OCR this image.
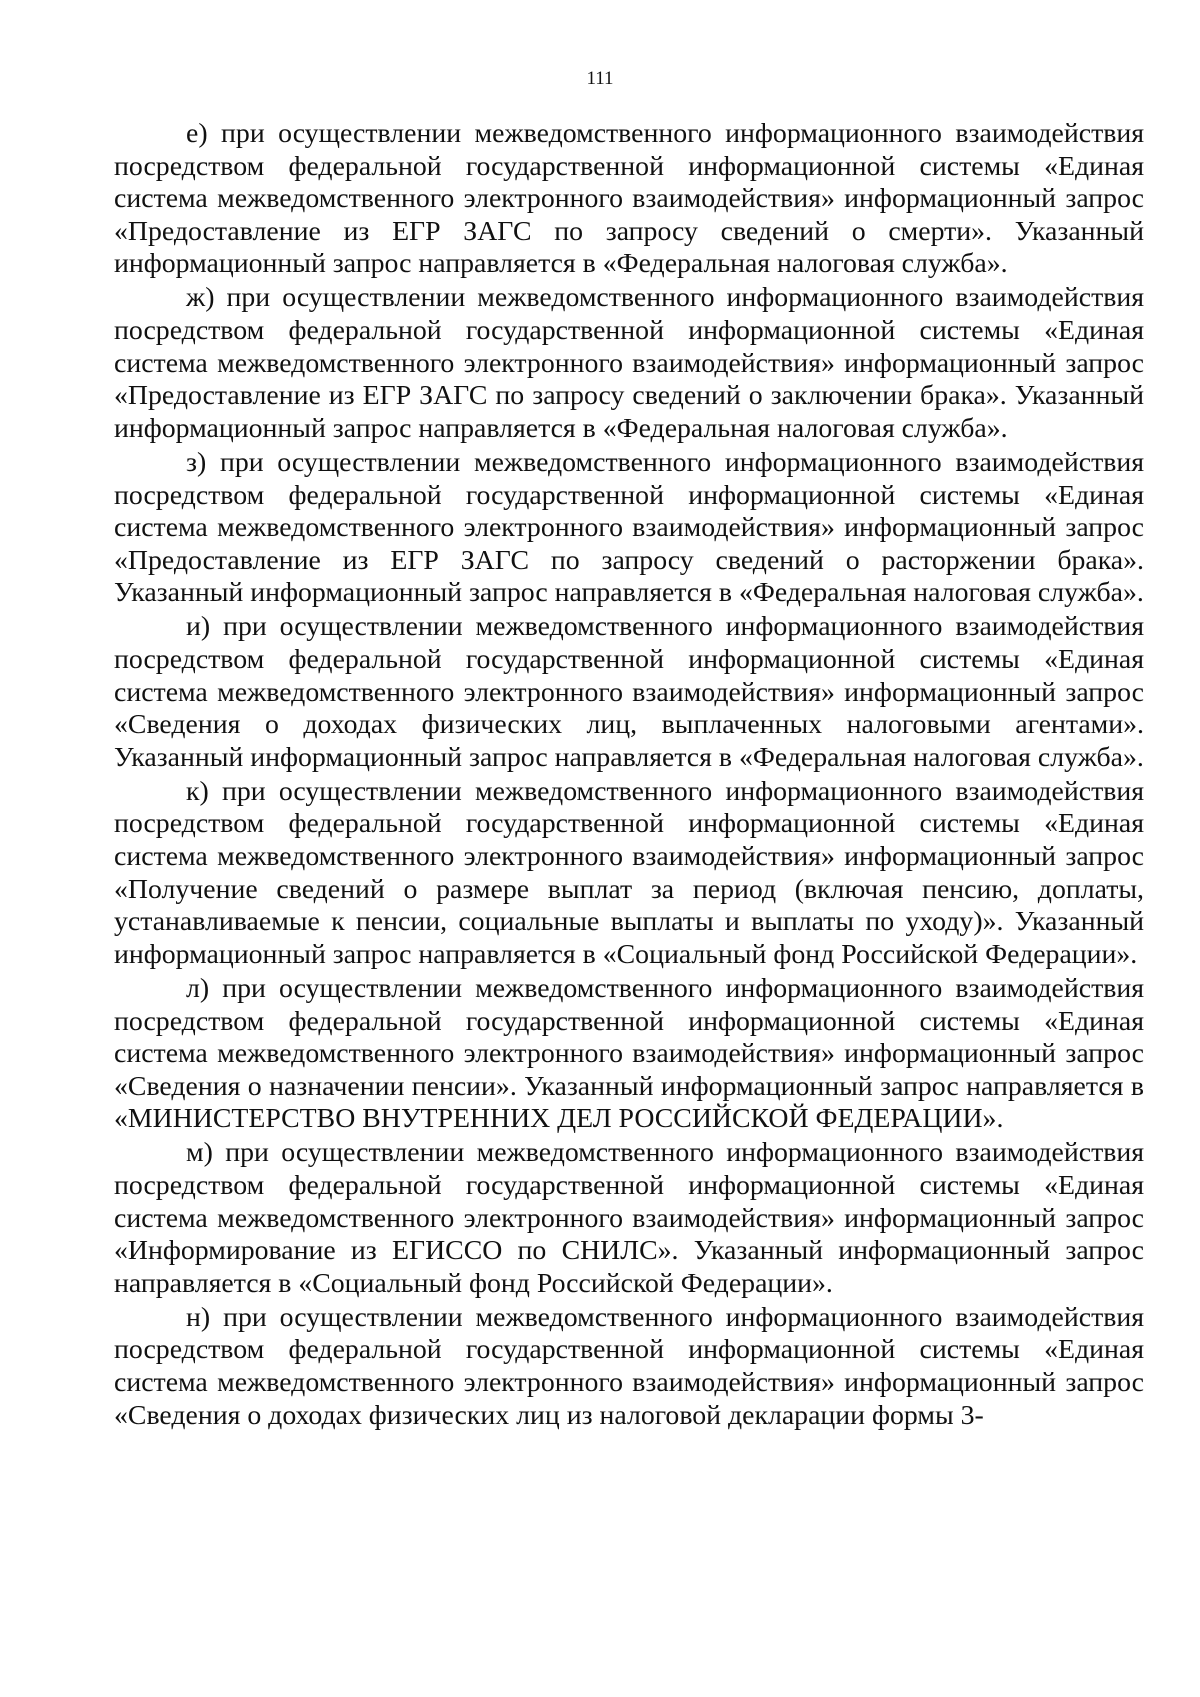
111

е) при осуществлении межведомственного информационного взаимодействия посредством федеральной государственной информационной системы «Единая система межведомственного электронного взаимодействия» информационный запрос «Предоставление из ЕГР ЗАГС по запросу сведений о смерти». Указанный информационный запрос направляется в «Федеральная налоговая служба».

ж) при осуществлении межведомственного информационного взаимодействия посредством федеральной государственной информационной системы «Единая система межведомственного электронного взаимодействия» информационный запрос «Предоставление из ЕГР ЗАГС по запросу сведений о заключении брака». Указанный информационный запрос направляется в «Федеральная налоговая служба».

з) при осуществлении межведомственного информационного взаимодействия посредством федеральной государственной информационной системы «Единая система межведомственного электронного взаимодействия» информационный запрос «Предоставление из ЕГР ЗАГС по запросу сведений о расторжении брака». Указанный информационный запрос направляется в «Федеральная налоговая служба».

и) при осуществлении межведомственного информационного взаимодействия посредством федеральной государственной информационной системы «Единая система межведомственного электронного взаимодействия» информационный запрос «Сведения о доходах физических лиц, выплаченных налоговыми агентами». Указанный информационный запрос направляется в «Федеральная налоговая служба».

к) при осуществлении межведомственного информационного взаимодействия посредством федеральной государственной информационной системы «Единая система межведомственного электронного взаимодействия» информационный запрос «Получение сведений о размере выплат за период (включая пенсию, доплаты, устанавливаемые к пенсии, социальные выплаты и выплаты по уходу)». Указанный информационный запрос направляется в «Социальный фонд Российской Федерации».

л) при осуществлении межведомственного информационного взаимодействия посредством федеральной государственной информационной системы «Единая система межведомственного электронного взаимодействия» информационный запрос «Сведения о назначении пенсии». Указанный информационный запрос направляется в «МИНИСТЕРСТВО ВНУТРЕННИХ ДЕЛ РОССИЙСКОЙ ФЕДЕРАЦИИ».

м) при осуществлении межведомственного информационного взаимодействия посредством федеральной государственной информационной системы «Единая система межведомственного электронного взаимодействия» информационный запрос «Информирование из ЕГИССО по СНИЛС». Указанный информационный запрос направляется в «Социальный фонд Российской Федерации».

н) при осуществлении межведомственного информационного взаимодействия посредством федеральной государственной информационной системы «Единая система межведомственного электронного взаимодействия» информационный запрос «Сведения о доходах физических лиц из налоговой декларации формы 3-
